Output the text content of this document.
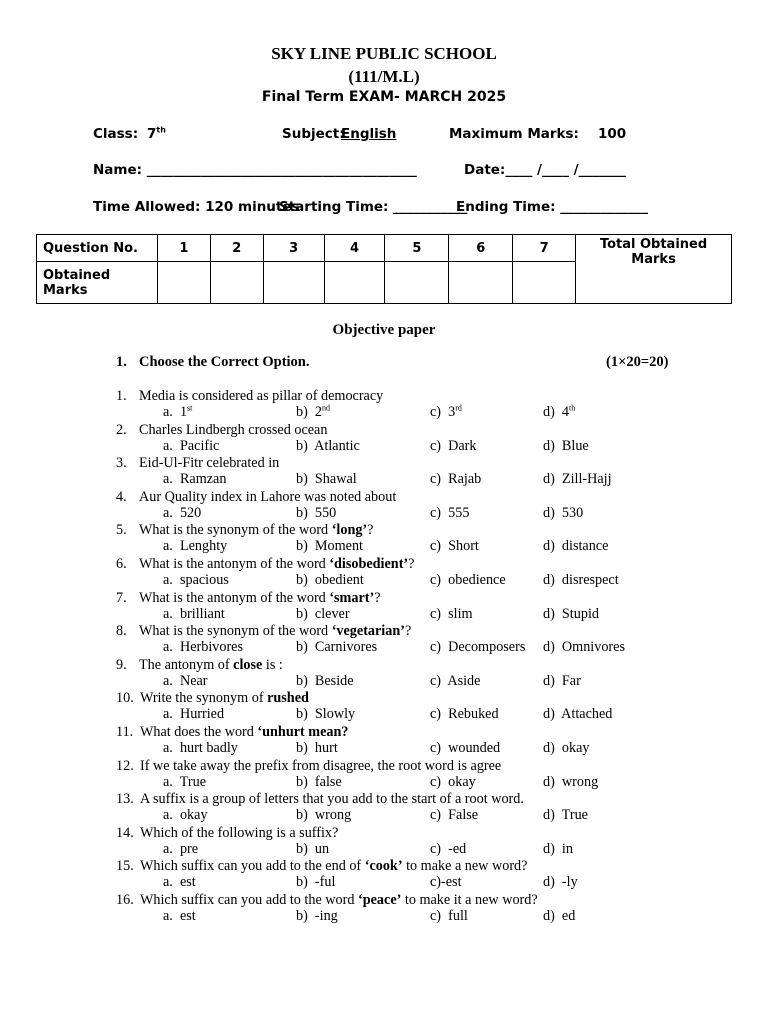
SKY LINE PUBLIC SCHOOL
(111/M.L)
Final Term EXAM- MARCH 2025
Class: 7th	Subject:
English	Maximum Marks: 100
Name: ________________________________________	Date:____ /____ /_______
Time Allowed: 120 minutes
Starting Time: ___________
Ending Time: _____________
Question No.	1	2	3	4	5	6	7	Total Obtained Marks
Obtained Marks								
Objective paper
1. Choose the Correct Option.	(1×20=20)
1. Media is considered as pillar of democracy
a. 1st	b) 2nd	c) 3rd	d) 4th
2. Charles Lindbergh crossed ocean
a. Pacific	b) Atlantic	c) Dark	d) Blue
3. Eid-Ul-Fitr celebrated in
a. Ramzan	b) Shawal	c) Rajab	d) Zill-Hajj
4. Aur Quality index in Lahore was noted about
a. 520	b) 550	c) 555	d) 530
5. What is the synonym of the word ‘long’?
a. Lenghty	b) Moment	c) Short	d) distance
6. What is the antonym of the word ‘disobedient’?
a. spacious	b) obedient	c) obedience	d) disrespect
7. What is the antonym of the word ‘smart’?
a. brilliant	b) clever	c) slim	d) Stupid
8. What is the synonym of the word ‘vegetarian’?
a. Herbivores	b) Carnivores	c) Decomposers d) Omnivores
9. The antonym of close is :
a. Near	b) Beside	c) Aside	d) Far
10. Write the synonym of rushed
a. Hurried	b) Slowly	c) Rebuked	d) Attached
11. What does the word ‘unhurt mean?
a. hurt badly	b) hurt	c) wounded	d) okay
12. If we take away the prefix from disagree, the root word is agree
a. True	b) false	c) okay	d) wrong
13. A suffix is a group of letters that you add to the start of a root word.
a. okay	b) wrong	c) False	d) True
14. Which of the following is a suffix?
a. pre	b) un	c) -ed	d) in
15. Which suffix can you add to the end of ‘cook’ to make a new word?
a. est	b) -ful	c)-est	d) -ly
16. Which suffix can you add to the word ‘peace’ to make it a new word?
a. est	b) -ing	c) full	d) ed
